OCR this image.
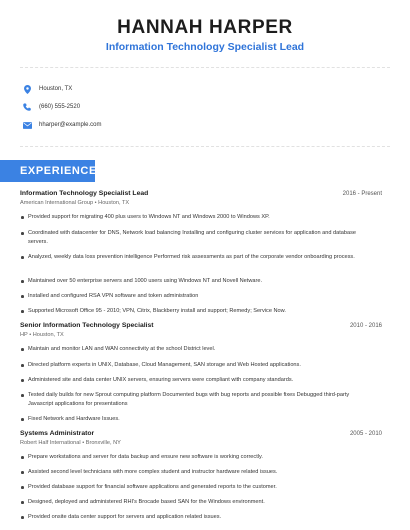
HANNAH HARPER
Information Technology Specialist Lead
Houston, TX
(660) 555-2520
hharper@example.com
EXPERIENCE
Information Technology Specialist Lead	2016 - Present
American International Group • Houston, TX
Provided support for migrating 400 plus users to Windows NT and Windows 2000 to Windows XP.
Coordinated with datacenter for DNS, Network load balancing Installing and configuring cluster services for application and database servers.
Analyzed, weekly data loss prevention intelligence Performed risk assessments as part of the corporate vendor onboarding process.
Maintained over 50 enterprise servers and 1000 users using Windows NT and Novell Netware.
Installed and configured RSA VPN software and token administration
Supported Microsoft Office 95 - 2010; VPN, Citrix, Blackberry install and support; Remedy; Service Now.
Senior Information Technology Specialist	2010 - 2016
HP • Houston, TX
Maintain and monitor LAN and WAN connectivity at the school District level.
Directed platform experts in UNIX, Database, Cloud Management, SAN storage and Web Hosted applications.
Administered site and data center UNIX servers, ensuring servers were compliant with company standards.
Tested daily builds for new Sprout computing platform Documented bugs with bug reports and possible fixes Debugged third-party Javascript applications for presentations
Fixed Network and Hardware Issues.
Systems Administrator	2005 - 2010
Robert Half International • Bronxville, NY
Prepare workstations and server for data backup and ensure new software is working correctly.
Assisted second level technicians with more complex student and instructor hardware related issues.
Provided database support for financial software applications and generated reports to the customer.
Designed, deployed and administered RHI's Brocade based SAN for the Windows environment.
Provided onsite data center support for servers and application related issues.
